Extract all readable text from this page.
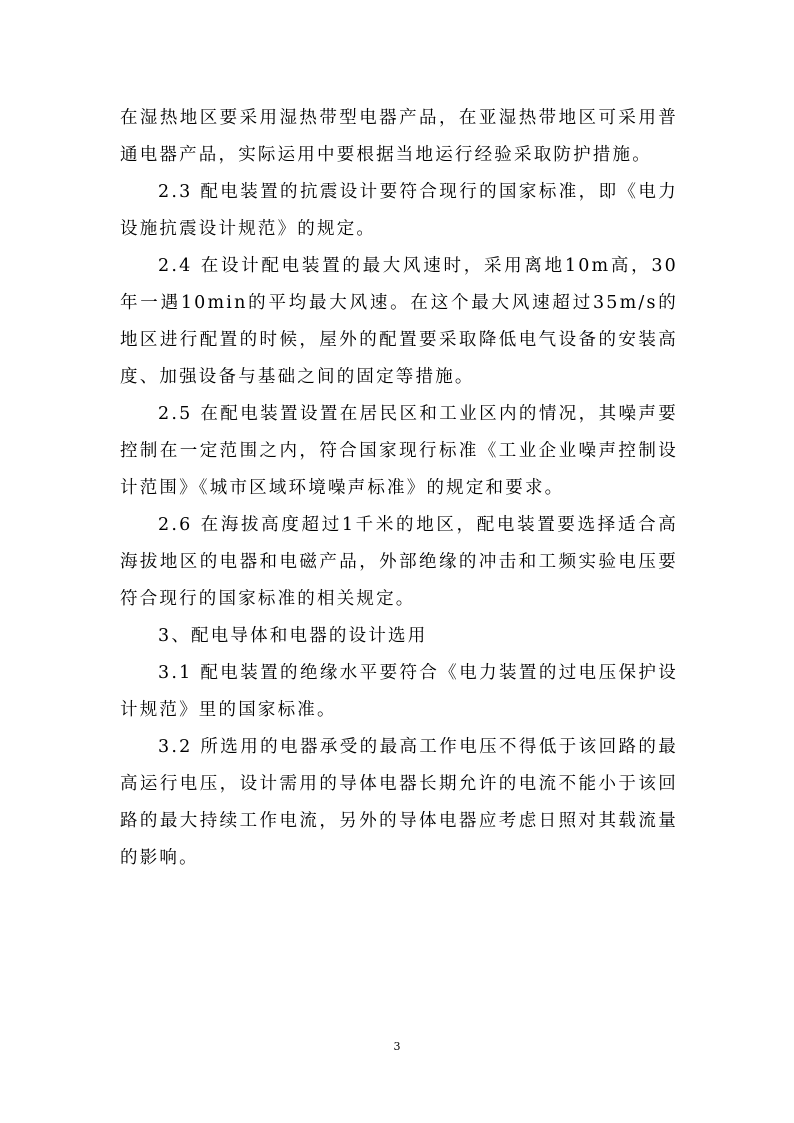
在湿热地区要采用湿热带型电器产品，在亚湿热带地区可采用普通电器产品，实际运用中要根据当地运行经验采取防护措施。

2.3 配电装置的抗震设计要符合现行的国家标准，即《电力设施抗震设计规范》的规定。

2.4 在设计配电装置的最大风速时，采用离地10m高，30年一遇10min的平均最大风速。在这个最大风速超过35m/s的地区进行配置的时候，屋外的配置要采取降低电气设备的安装高度、加强设备与基础之间的固定等措施。

2.5 在配电装置设置在居民区和工业区内的情况，其噪声要控制在一定范围之内，符合国家现行标准《工业企业噪声控制设计范围》《城市区域环境噪声标准》的规定和要求。

2.6 在海拔高度超过1千米的地区，配电装置要选择适合高海拔地区的电器和电磁产品，外部绝缘的冲击和工频实验电压要符合现行的国家标准的相关规定。

3、配电导体和电器的设计选用

3.1 配电装置的绝缘水平要符合《电力装置的过电压保护设计规范》里的国家标准。

3.2 所选用的电器承受的最高工作电压不得低于该回路的最高运行电压，设计需用的导体电器长期允许的电流不能小于该回路的最大持续工作电流，另外的导体电器应考虑日照对其载流量的影响。

3
